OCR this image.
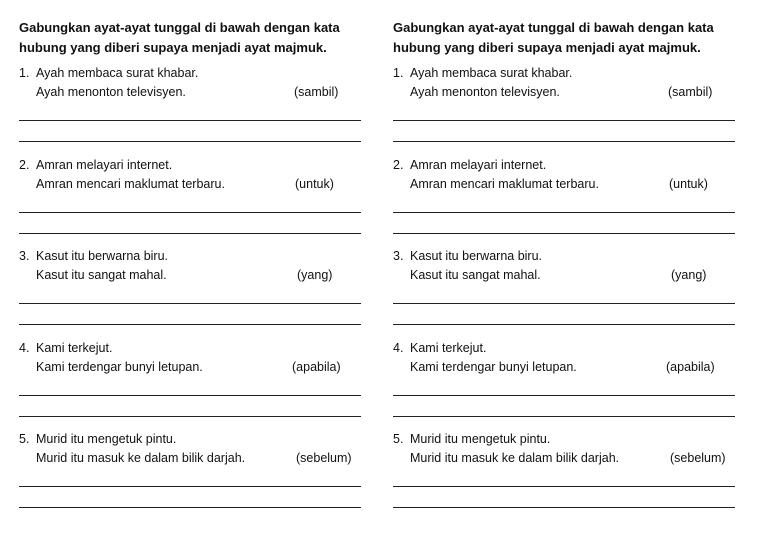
Gabungkan ayat-ayat tunggal di bawah dengan kata
hubung yang diberi supaya menjadi ayat majmuk.
1. Ayah membaca surat khabar.
Ayah menonton televisyen.	(sambil)
2. Amran melayari internet.
Amran mencari maklumat terbaru.	(untuk)
3. Kasut itu berwarna biru.
Kasut itu sangat mahal.	(yang)
4. Kami terkejut.
Kami terdengar bunyi letupan.	(apabila)
5. Murid itu mengetuk pintu.
Murid itu masuk ke dalam bilik darjah.	(sebelum)
Gabungkan ayat-ayat tunggal di bawah dengan kata
hubung yang diberi supaya menjadi ayat majmuk.
1. Ayah membaca surat khabar.
Ayah menonton televisyen.	(sambil)
2. Amran melayari internet.
Amran mencari maklumat terbaru.	(untuk)
3. Kasut itu berwarna biru.
Kasut itu sangat mahal.	(yang)
4. Kami terkejut.
Kami terdengar bunyi letupan.	(apabila)
5. Murid itu mengetuk pintu.
Murid itu masuk ke dalam bilik darjah.	(sebelum)
